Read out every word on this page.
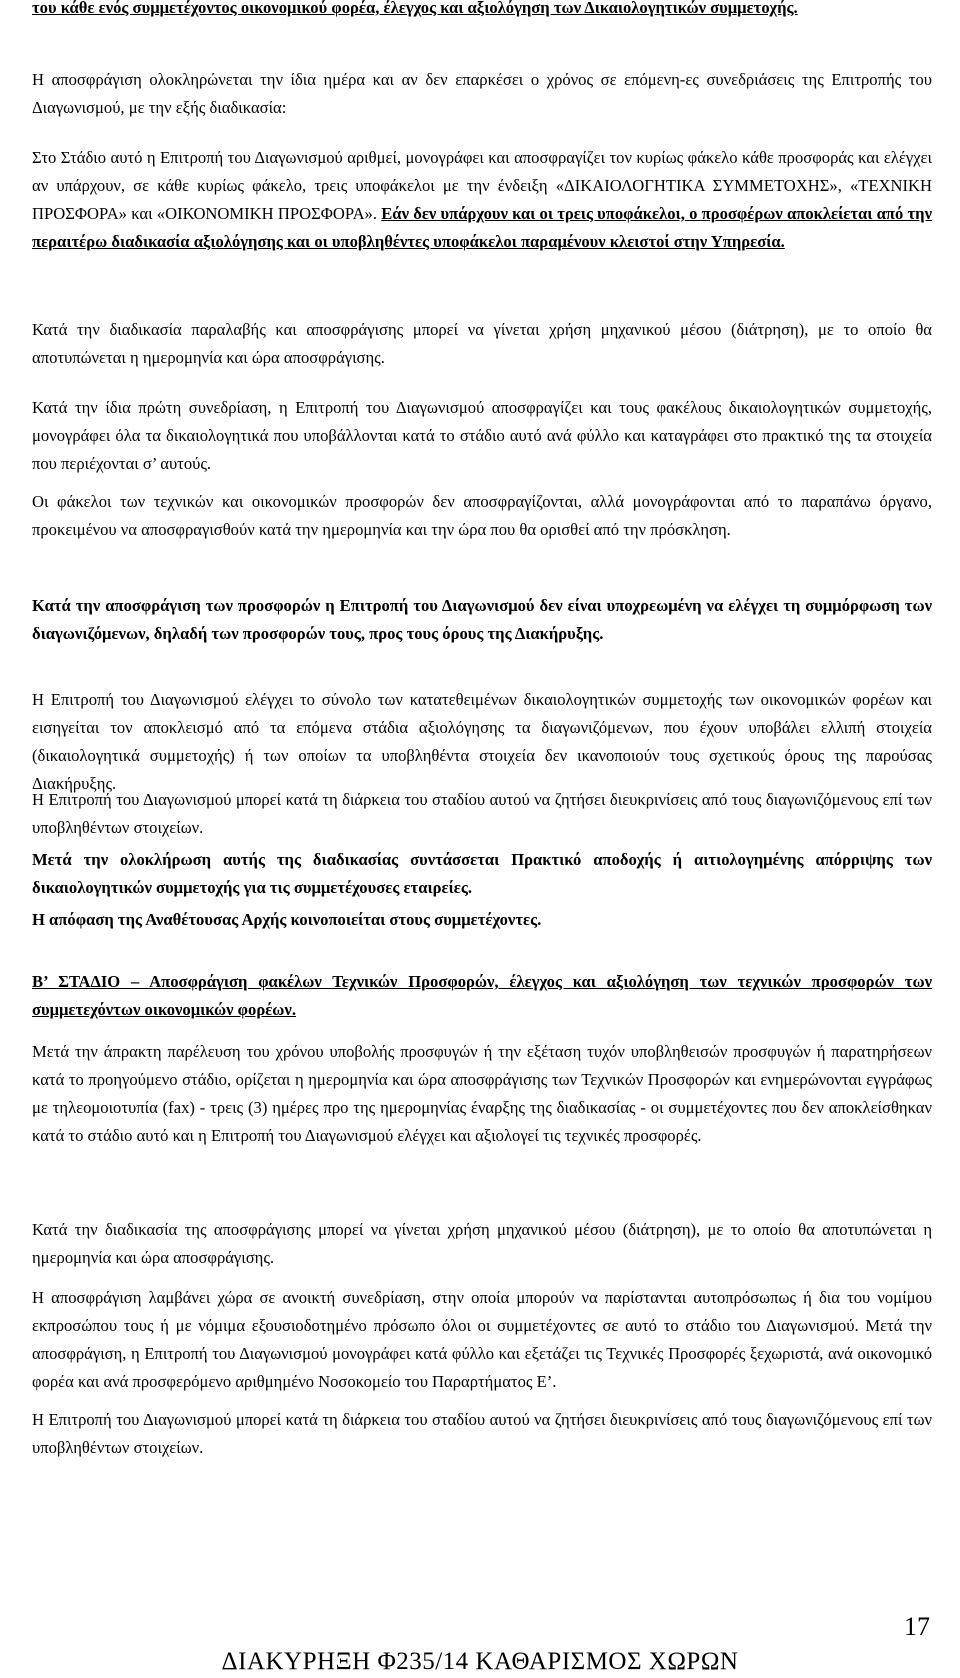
του κάθε ενός συμμετέχοντος οικονομικού φορέα, έλεγχος και αξιολόγηση των Δικαιολογητικών συμμετοχής.

Η αποσφράγιση ολοκληρώνεται την ίδια ημέρα και αν δεν επαρκέσει ο χρόνος σε επόμενη-ες συνεδριάσεις της Επιτροπής του Διαγωνισμού, με την εξής διαδικασία:

Στο Στάδιο αυτό η Επιτροπή του Διαγωνισμού αριθμεί, μονογράφει και αποσφραγίζει τον κυρίως φάκελο κάθε προσφοράς και ελέγχει αν υπάρχουν, σε κάθε κυρίως φάκελο, τρεις υποφάκελοι με την ένδειξη «ΔΙΚΑΙΟΛΟΓΗΤΙΚΑ ΣΥΜΜΕΤΟΧΗΣ», «ΤΕΧΝΙΚΗ ΠΡΟΣΦΟΡΑ» και «ΟΙΚΟΝΟΜΙΚΗ ΠΡΟΣΦΟΡΑ». Εάν δεν υπάρχουν και οι τρεις υποφάκελοι, ο προσφέρων αποκλείεται από την περαιτέρω διαδικασία αξιολόγησης και οι υποβληθέντες υποφάκελοι παραμένουν κλειστοί στην Υπηρεσία.

Κατά την διαδικασία παραλαβής και αποσφράγισης μπορεί να γίνεται χρήση μηχανικού μέσου (διάτρηση), με το οποίο θα αποτυπώνεται η ημερομηνία και ώρα αποσφράγισης.

Κατά την ίδια πρώτη συνεδρίαση, η Επιτροπή του Διαγωνισμού αποσφραγίζει και τους φακέλους δικαιολογητικών συμμετοχής, μονογράφει όλα τα δικαιολογητικά που υποβάλλονται κατά το στάδιο αυτό ανά φύλλο και καταγράφει στο πρακτικό της τα στοιχεία που περιέχονται σ’ αυτούς.

Οι φάκελοι των τεχνικών και οικονομικών προσφορών δεν αποσφραγίζονται, αλλά μονογράφονται από το παραπάνω όργανο, προκειμένου να αποσφραγισθούν κατά την ημερομηνία και την ώρα που θα ορισθεί από την πρόσκληση.

Κατά την αποσφράγιση των προσφορών η Επιτροπή του Διαγωνισμού δεν είναι υποχρεωμένη να ελέγχει τη συμμόρφωση των διαγωνιζόμενων, δηλαδή των προσφορών τους, προς τους όρους της Διακήρυξης.

Η Επιτροπή του Διαγωνισμού ελέγχει το σύνολο των κατατεθειμένων δικαιολογητικών συμμετοχής των οικονομικών φορέων και εισηγείται τον αποκλεισμό από τα επόμενα στάδια αξιολόγησης τα διαγωνιζόμενων, που έχουν υποβάλει ελλιπή στοιχεία (δικαιολογητικά συμμετοχής) ή των οποίων τα υποβληθέντα στοιχεία δεν ικανοποιούν τους σχετικούς όρους της παρούσας Διακήρυξης.

Η Επιτροπή του Διαγωνισμού μπορεί κατά τη διάρκεια του σταδίου αυτού να ζητήσει διευκρινίσεις από τους διαγωνιζόμενους επί των υποβληθέντων στοιχείων.

Μετά την ολοκλήρωση αυτής της διαδικασίας συντάσσεται Πρακτικό αποδοχής ή αιτιολογημένης απόρριψης των δικαιολογητικών συμμετοχής για τις συμμετέχουσες εταιρείες.

Η απόφαση της Αναθέτουσας Αρχής κοινοποιείται στους συμμετέχοντες.

Β’ ΣΤΑΔΙΟ – Αποσφράγιση φακέλων Τεχνικών Προσφορών, έλεγχος και αξιολόγηση των τεχνικών προσφορών των συμμετεχόντων οικονομικών φορέων.

Μετά την άπρακτη παρέλευση του χρόνου υποβολής προσφυγών ή την εξέταση τυχόν υποβληθεισών προσφυγών ή παρατηρήσεων κατά το προηγούμενο στάδιο, ορίζεται η ημερομηνία και ώρα αποσφράγισης των Τεχνικών Προσφορών και ενημερώνονται εγγράφως με τηλεομοιοτυπία (fax) - τρεις (3) ημέρες προ της ημερομηνίας έναρξης της διαδικασίας - οι συμμετέχοντες που δεν αποκλείσθηκαν κατά το στάδιο αυτό και η Επιτροπή του Διαγωνισμού ελέγχει και αξιολογεί τις τεχνικές προσφορές.

Κατά την διαδικασία της αποσφράγισης μπορεί να γίνεται χρήση μηχανικού μέσου (διάτρηση), με το οποίο θα αποτυπώνεται η ημερομηνία και ώρα αποσφράγισης.

Η αποσφράγιση λαμβάνει χώρα σε ανοικτή συνεδρίαση, στην οποία μπορούν να παρίστανται αυτοπρόσωπως ή δια του νομίμου εκπροσώπου τους ή με νόμιμα εξουσιοδοτημένο πρόσωπο όλοι οι συμμετέχοντες σε αυτό το στάδιο του Διαγωνισμού. Μετά την αποσφράγιση, η Επιτροπή του Διαγωνισμού μονογράφει κατά φύλλο και εξετάζει τις Τεχνικές Προσφορές ξεχωριστά, ανά οικονομικό φορέα και ανά προσφερόμενο αριθμημένο Νοσοκομείο του Παραρτήματος Ε’.

Η Επιτροπή του Διαγωνισμού μπορεί κατά τη διάρκεια του σταδίου αυτού να ζητήσει διευκρινίσεις από τους διαγωνιζόμενους επί των υποβληθέντων στοιχείων.

17
ΔΙΑΚΥΡΗΞΗ Φ235/14 ΚΑΘΑΡΙΣΜΟΣ ΧΩΡΩΝ
